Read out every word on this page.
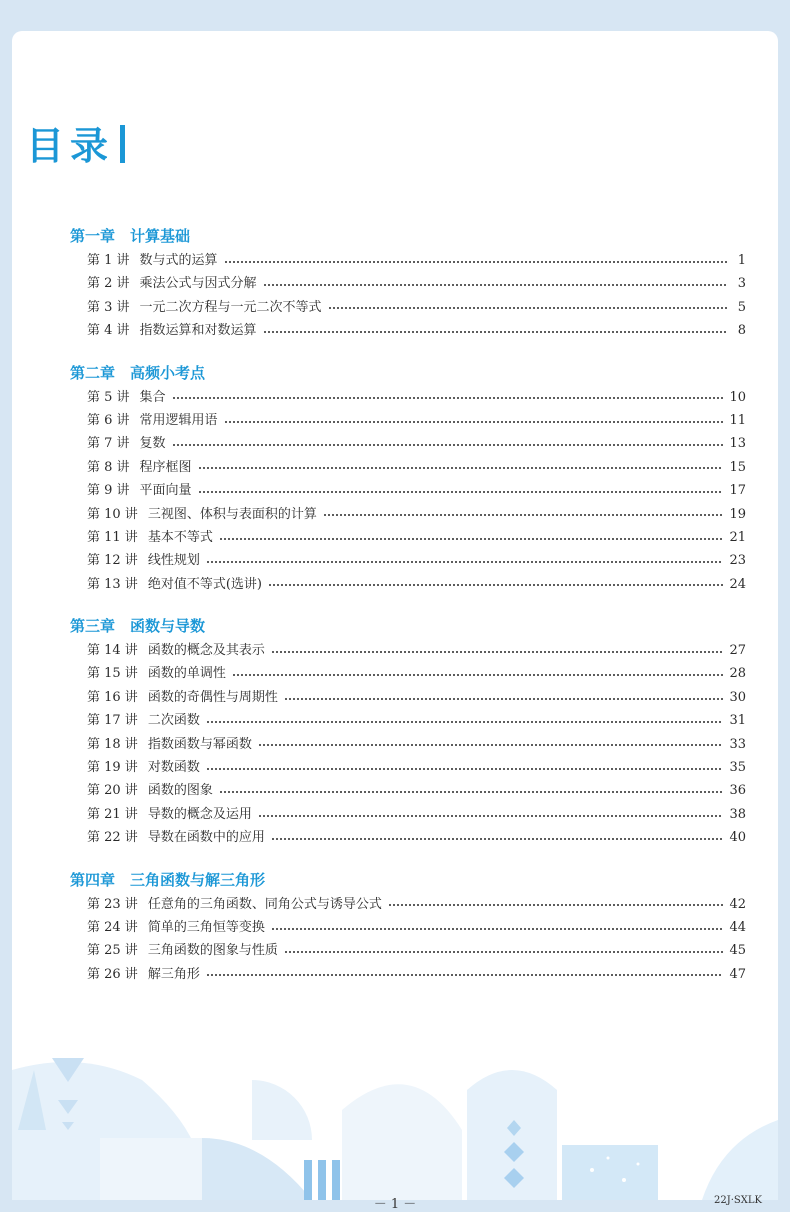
目录
第一章　计算基础
第 1 讲 数与式的运算	1
第 2 讲 乘法公式与因式分解	3
第 3 讲 一元二次方程与一元二次不等式	5
第 4 讲 指数运算和对数运算	8
第二章　高频小考点
第 5 讲 集合	10
第 6 讲 常用逻辑用语	11
第 7 讲 复数	13
第 8 讲 程序框图	15
第 9 讲 平面向量	17
第 10 讲 三视图、体积与表面积的计算	19
第 11 讲 基本不等式	21
第 12 讲 线性规划	23
第 13 讲 绝对值不等式(选讲)	24
第三章　函数与导数
第 14 讲 函数的概念及其表示	27
第 15 讲 函数的单调性	28
第 16 讲 函数的奇偶性与周期性	30
第 17 讲 二次函数	31
第 18 讲 指数函数与幂函数	33
第 19 讲 对数函数	35
第 20 讲 函数的图象	36
第 21 讲 导数的概念及运用	38
第 22 讲 导数在函数中的应用	40
第四章　三角函数与解三角形
第 23 讲 任意角的三角函数、同角公式与诱导公式	42
第 24 讲 简单的三角恒等变换	44
第 25 讲 三角函数的图象与性质	45
第 26 讲 解三角形	47
－ 1 －	22J·SXLK
